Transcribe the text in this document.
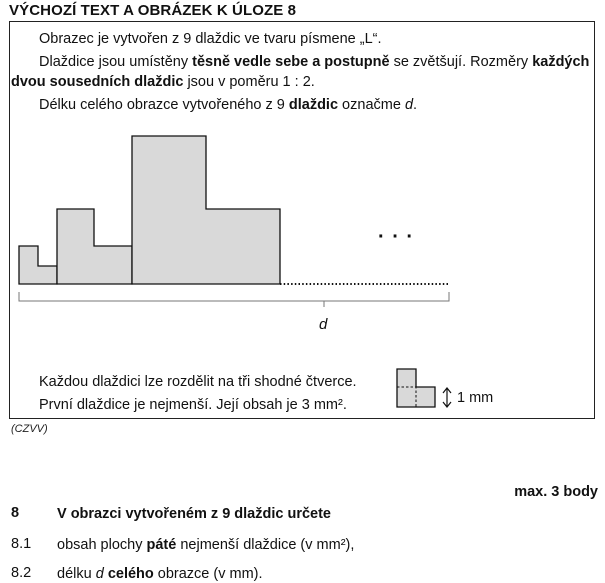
VÝCHOZÍ TEXT A OBRÁZEK K ÚLOZE 8
Obrazec je vytvořen z 9 dlaždic ve tvaru písmene „L“.
Dlaždice jsou umístěny těsně vedle sebe a postupně se zvětšují. Rozměry každých
dvou sousedních dlaždic jsou v poměru 1 : 2.
Délku celého obrazce vytvořeného z 9 dlaždic označme d.
· · ·
d
Každou dlaždici lze rozdělit na tři shodné čtverce.
První dlaždice je nejmenší. Její obsah je 3 mm².	1 mm
(CZVV)
max. 3 body
8	V obrazci vytvořeném z 9 dlaždic určete
8.1 obsah plochy páté nejmenší dlaždice (v mm²),
8.2 délku d celého obrazce (v mm).
